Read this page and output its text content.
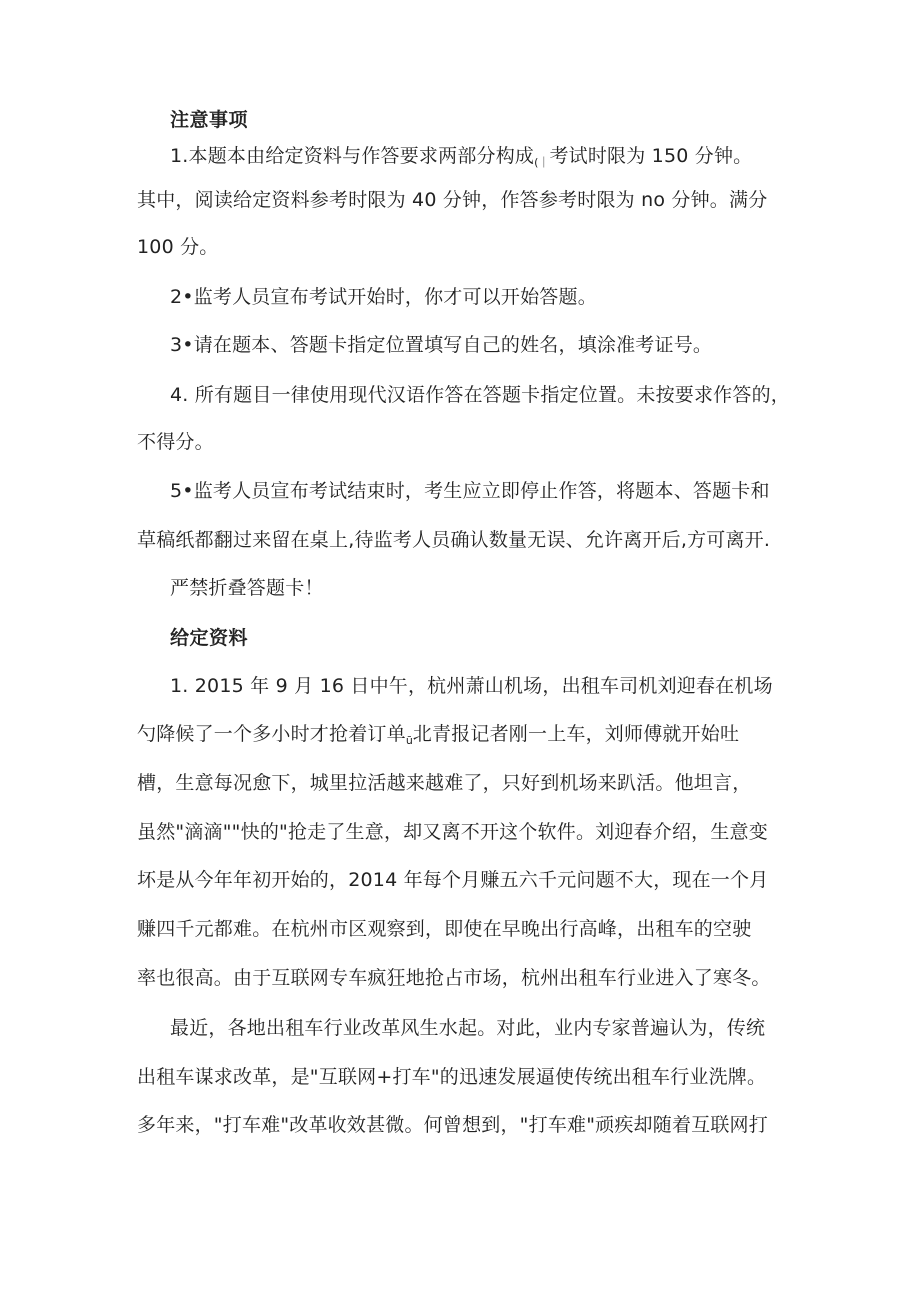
注意事项
1.本题本由给定资料与作答要求两部分构成$_{(|}$考试时限为 150 分钟。
其中，阅读给定资料参考时限为 40 分钟，作答参考时限为 no 分钟。满分
100 分。
2•监考人员宣布考试开始时，你才可以开始答题。
3•请在题本、答题卡指定位置填写自己的姓名，填涂准考证号。
4. 所有题目一律使用现代汉语作答在答题卡指定位置。未按要求作答的，
不得分。
5•监考人员宣布考试结束时，考生应立即停止作答，将题本、答题卡和
草稿纸都翻过来留在桌上,待监考人员确认数量无误、允许离开后,方可离开.
严禁折叠答题卡！
给定资料
1. 2015 年 9 月 16 日中午，杭州萧山机场，出租车司机刘迎春在机场
勺降候了一个多小时才抢着订单$_ū$北青报记者刚一上车，刘师傅就开始吐
槽，生意每况愈下，城里拉活越来越难了，只好到机场来趴活。他坦言，
虽然"滴滴""快的"抢走了生意，却又离不开这个软件。刘迎春介绍，生意变
坏是从今年年初开始的，2014 年每个月赚五六千元问题不大，现在一个月
赚四千元都难。在杭州市区观察到，即使在早晚出行高峰，出租车的空驶
率也很高。由于互联网专车疯狂地抢占市场，杭州出租车行业进入了寒冬。
最近，各地出租车行业改革风生水起。对此，业内专家普遍认为，传统
出租车谋求改革，是"互联网+打车"的迅速发展逼使传统出租车行业洗牌。
多年来，"打车难"改革收效甚微。何曾想到，"打车难"顽疾却随着互联网打
